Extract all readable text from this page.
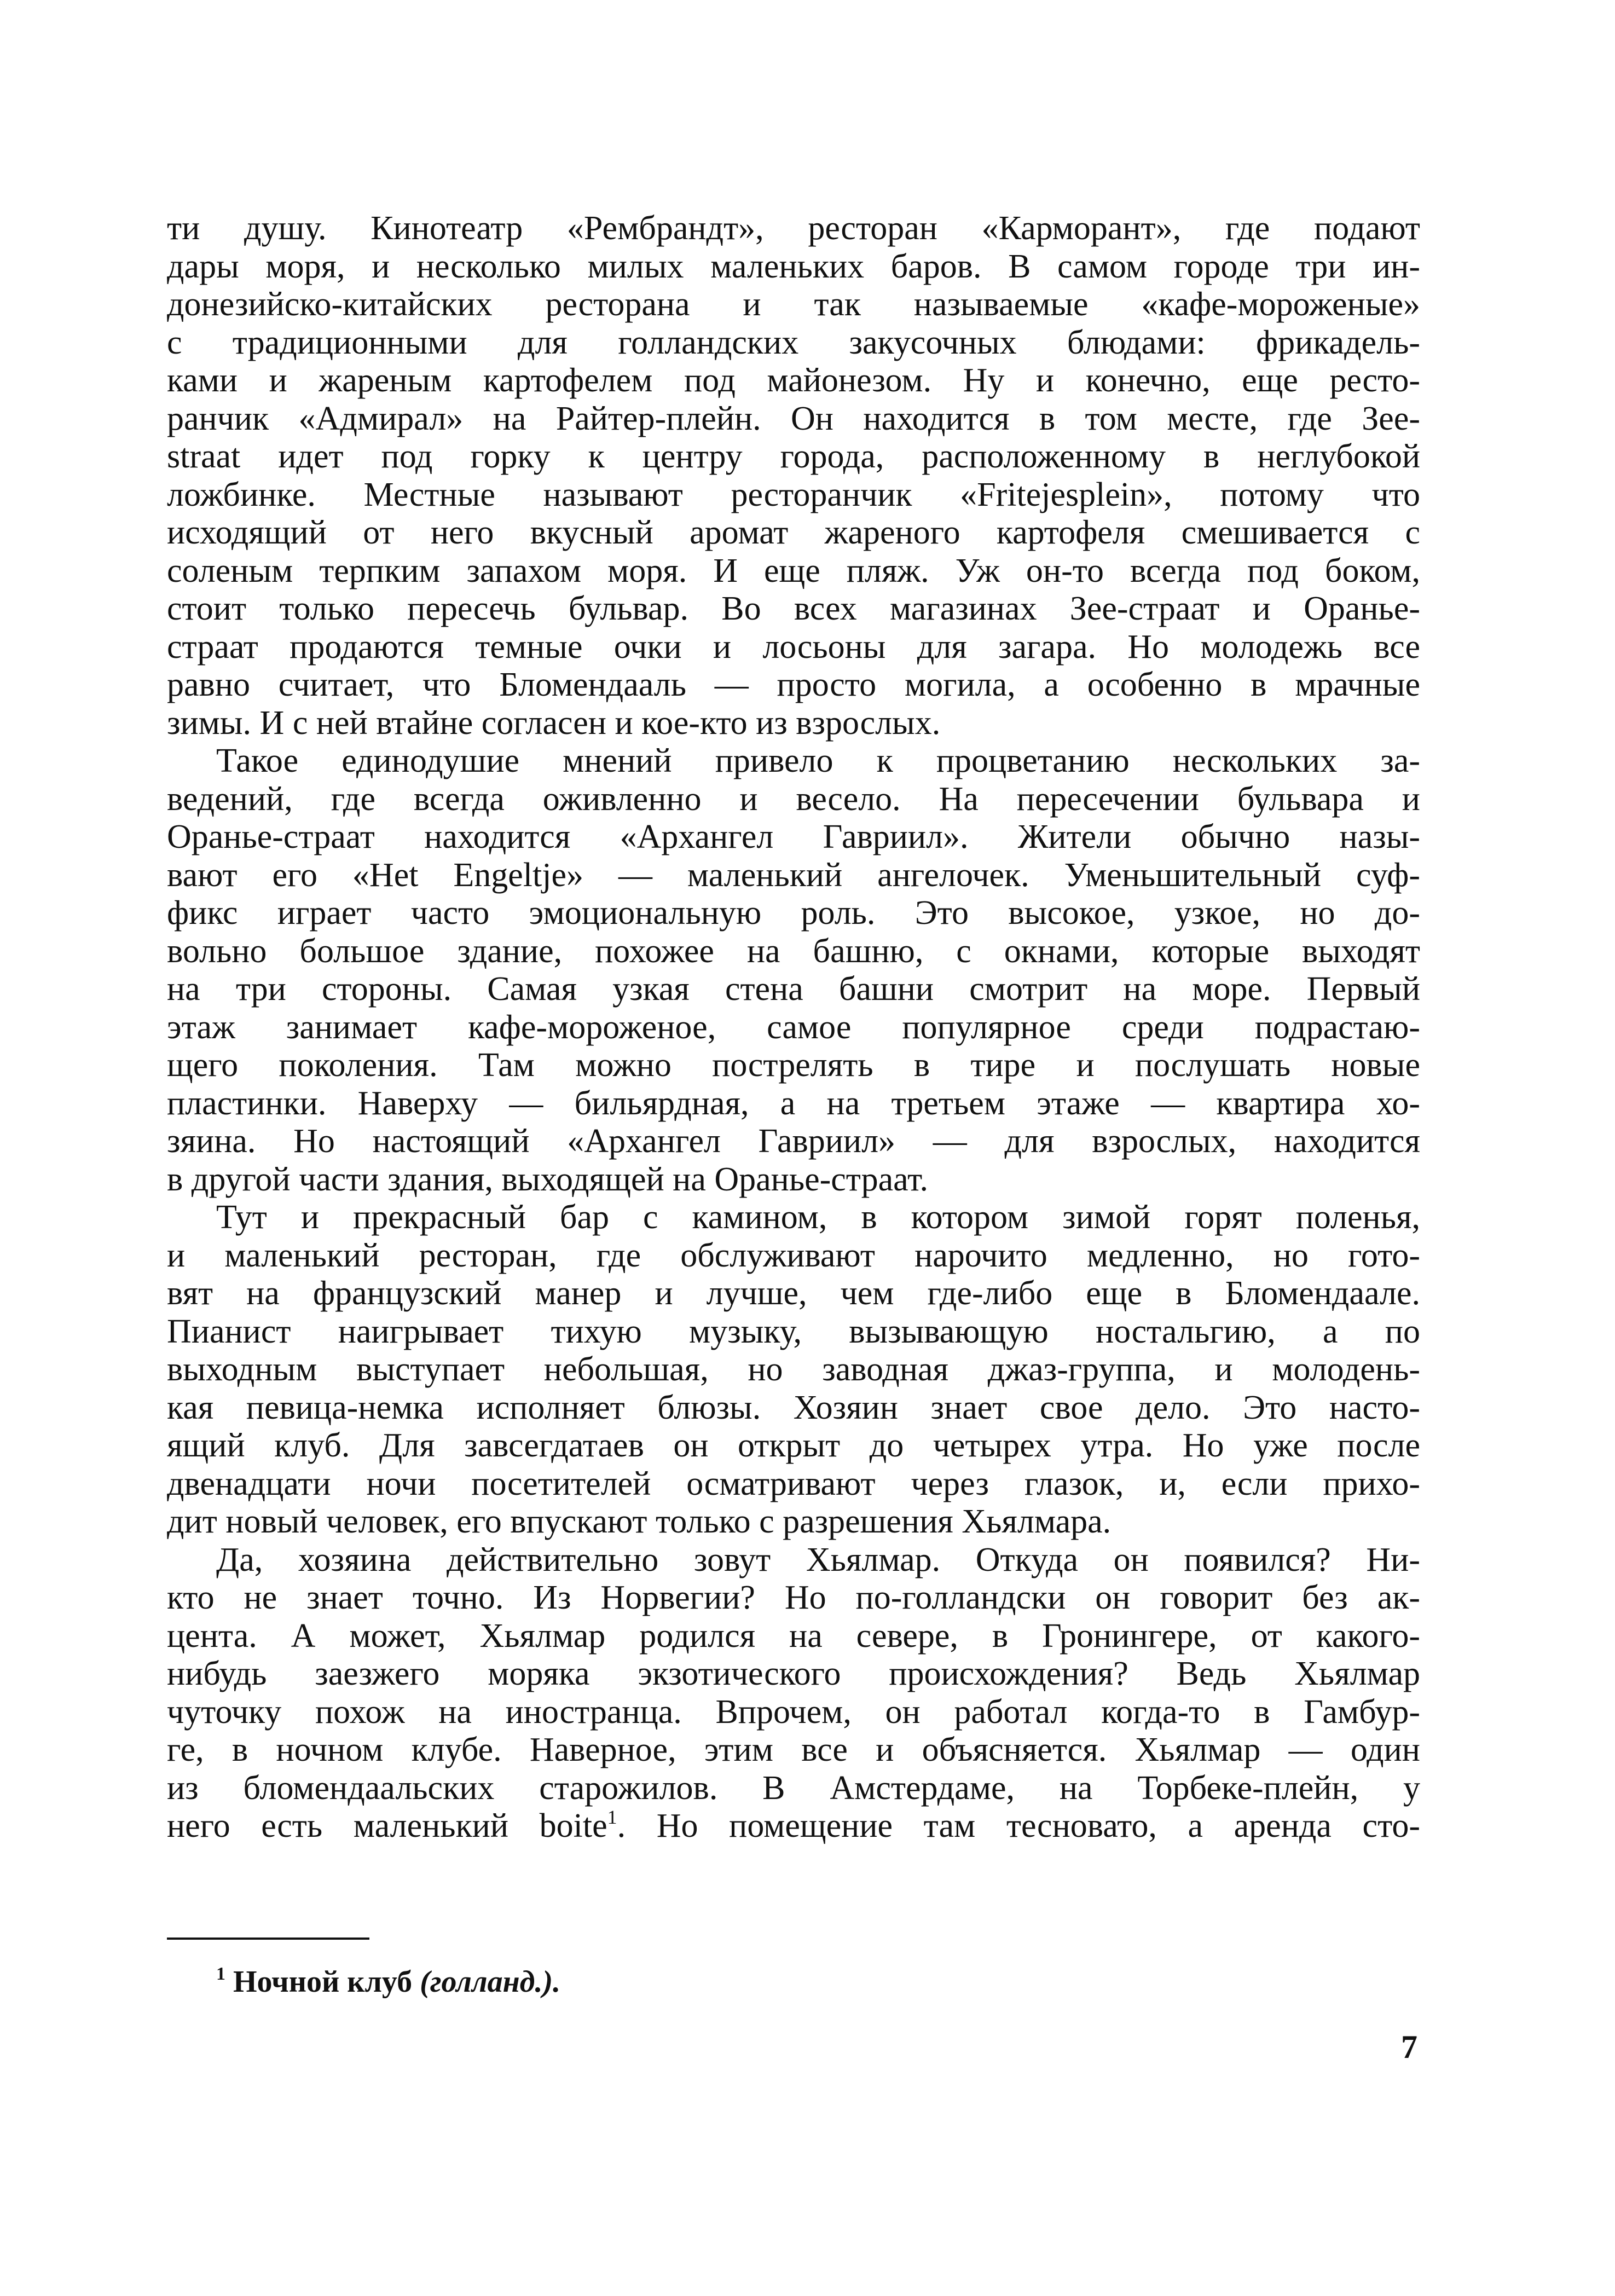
ти душу. Кинотеатр «Рембрандт», ресторан «Карморант», где подают
дары моря, и несколько милых маленьких баров. В самом городе три ин-
донезийско-китайских ресторана и так называемые «кафе-мороженые»
с традиционными для голландских закусочных блюдами: фрикадель-
ками и жареным картофелем под майонезом. Ну и конечно, еще ресто-
ранчик «Адмирал» на Райтер-плейн. Он находится в том месте, где Зее-
straat идет под горку к центру города, расположенному в неглубокой
ложбинке. Местные называют ресторанчик «Fritejesplein», потому что
исходящий от него вкусный аромат жареного картофеля смешивается с
соленым терпким запахом моря. И еще пляж. Уж он-то всегда под боком,
стоит только пересечь бульвар. Во всех магазинах Зее-страат и Оранье-
страат продаются темные очки и лосьоны для загара. Но молодежь все
равно считает, что Бломендааль — просто могила, а особенно в мрачные
зимы. И с ней втайне согласен и кое-кто из взрослых.
Такое единодушие мнений привело к процветанию нескольких за-
ведений, где всегда оживленно и весело. На пересечении бульвара и
Оранье-страат находится «Архангел Гавриил». Жители обычно назы-
вают его «Het Engeltje» — маленький ангелочек. Уменьшительный суф-
фикс играет часто эмоциональную роль. Это высокое, узкое, но до-
вольно большое здание, похожее на башню, с окнами, которые выходят
на три стороны. Самая узкая стена башни смотрит на море. Первый
этаж занимает кафе-мороженое, самое популярное среди подрастаю-
щего поколения. Там можно пострелять в тире и послушать новые
пластинки. Наверху — бильярдная, а на третьем этаже — квартира хо-
зяина. Но настоящий «Архангел Гавриил» — для взрослых, находится
в другой части здания, выходящей на Оранье-страат.
Тут и прекрасный бар с камином, в котором зимой горят поленья,
и маленький ресторан, где обслуживают нарочито медленно, но гото-
вят на французский манер и лучше, чем где-либо еще в Бломендаале.
Пианист наигрывает тихую музыку, вызывающую ностальгию, а по
выходным выступает небольшая, но заводная джаз-группа, и молодень-
кая певица-немка исполняет блюзы. Хозяин знает свое дело. Это насто-
ящий клуб. Для завсегдатаев он открыт до четырех утра. Но уже после
двенадцати ночи посетителей осматривают через глазок, и, если прихо-
дит новый человек, его впускают только с разрешения Хьялмара.
Да, хозяина действительно зовут Хьялмар. Откуда он появился? Ни-
кто не знает точно. Из Норвегии? Но по-голландски он говорит без ак-
цента. А может, Хьялмар родился на севере, в Гронингере, от какого-
нибудь заезжего моряка экзотического происхождения? Ведь Хьялмар
чуточку похож на иностранца. Впрочем, он работал когда-то в Гамбур-
ге, в ночном клубе. Наверное, этим все и объясняется. Хьялмар — один
из бломендаальских старожилов. В Амстердаме, на Торбеке-плейн, у
него есть маленький boite$^1$. Но помещение там тесновато, а аренда сто-
$^1$ Ночной клуб (голланд.).
7
